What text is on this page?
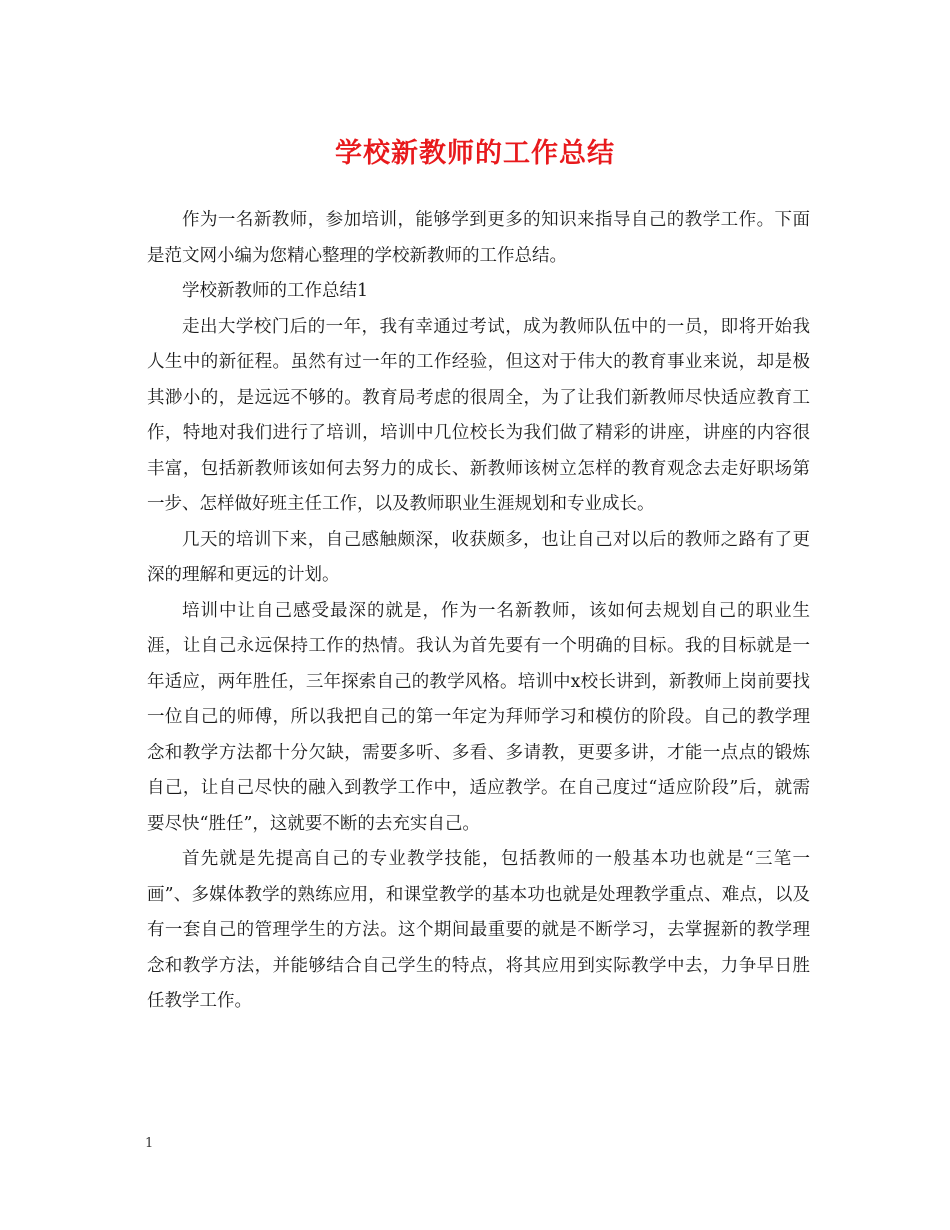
学校新教师的工作总结

作为一名新教师，参加培训，能够学到更多的知识来指导自己的教学工作。下面是范文网小编为您精心整理的学校新教师的工作总结。

学校新教师的工作总结1

走出大学校门后的一年，我有幸通过考试，成为教师队伍中的一员，即将开始我人生中的新征程。虽然有过一年的工作经验，但这对于伟大的教育事业来说，却是极其渺小的，是远远不够的。教育局考虑的很周全，为了让我们新教师尽快适应教育工作，特地对我们进行了培训，培训中几位校长为我们做了精彩的讲座，讲座的内容很丰富，包括新教师该如何去努力的成长、新教师该树立怎样的教育观念去走好职场第一步、怎样做好班主任工作，以及教师职业生涯规划和专业成长。

几天的培训下来，自己感触颇深，收获颇多，也让自己对以后的教师之路有了更深的理解和更远的计划。

培训中让自己感受最深的就是，作为一名新教师，该如何去规划自己的职业生涯，让自己永远保持工作的热情。我认为首先要有一个明确的目标。我的目标就是一年适应，两年胜任，三年探索自己的教学风格。培训中x校长讲到，新教师上岗前要找一位自己的师傅，所以我把自己的第一年定为拜师学习和模仿的阶段。自己的教学理念和教学方法都十分欠缺，需要多听、多看、多请教，更要多讲，才能一点点的锻炼自己，让自己尽快的融入到教学工作中，适应教学。在自己度过“适应阶段”后，就需要尽快“胜任”，这就要不断的去充实自己。

首先就是先提高自己的专业教学技能，包括教师的一般基本功也就是“三笔一画”、多媒体教学的熟练应用，和课堂教学的基本功也就是处理教学重点、难点，以及有一套自己的管理学生的方法。这个期间最重要的就是不断学习，去掌握新的教学理念和教学方法，并能够结合自己学生的特点，将其应用到实际教学中去，力争早日胜任教学工作。

1
